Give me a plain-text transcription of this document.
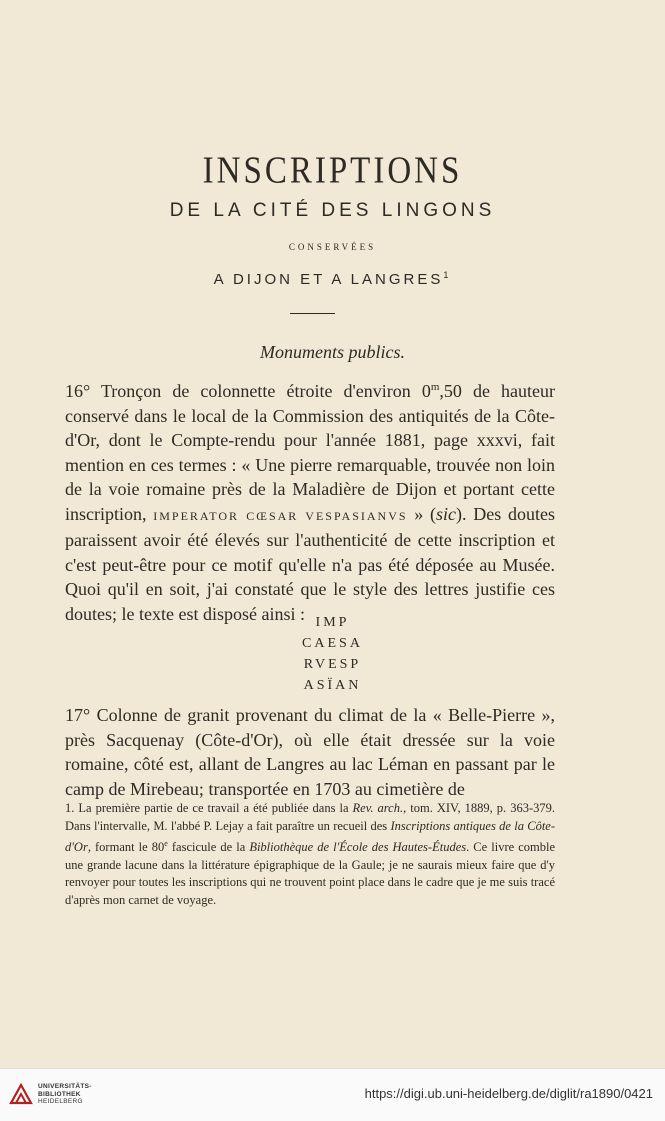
INSCRIPTIONS
DE LA CITÉ DES LINGONS
CONSERVÉES
A DIJON ET A LANGRES$^1$
Monuments publics.
16° Tronçon de colonnette étroite d'environ 0$^m$,50 de hauteur conservé dans le local de la Commission des antiquités de la Côte-d'Or, dont le Compte-rendu pour l'année 1881, page xxxvi, fait mention en ces termes : « Une pierre remarquable, trouvée non loin de la voie romaine près de la Maladière de Dijon et portant cette inscription, IMPERATOR CŒSAR VESPASIANVS » (sic). Des doutes paraissent avoir été élevés sur l'authenticité de cette inscription et c'est peut-être pour ce motif qu'elle n'a pas été déposée au Musée. Quoi qu'il en soit, j'ai constaté que le style des lettres justifie ces doutes; le texte est disposé ainsi : IMP
CAESA
RVESP
ASÏAN
17° Colonne de granit provenant du climat de la « Belle-Pierre », près Sacquenay (Côte-d'Or), où elle était dressée sur la voie romaine, côté est, allant de Langres au lac Léman en passant par le camp de Mirebeau; transportée en 1703 au cimetière de
1. La première partie de ce travail a été publiée dans la Rev. arch., tom. XIV, 1889, p. 363-379. Dans l'intervalle, M. l'abbé P. Lejay a fait paraître un recueil des Inscriptions antiques de la Côte-d'Or, formant le 80e fascicule de la Bibliothèque de l'École des Hautes-Études. Ce livre comble une grande lacune dans la littérature épigraphique de la Gaule; je ne saurais mieux faire que d'y renvoyer pour toutes les inscriptions qui ne trouvent point place dans le cadre que je me suis tracé d'après mon carnet de voyage.
UNIVERSITÄTS-
BIBLIOTHEK
HEIDELBERG
https://digi.ub.uni-heidelberg.de/diglit/ra1890/0421
